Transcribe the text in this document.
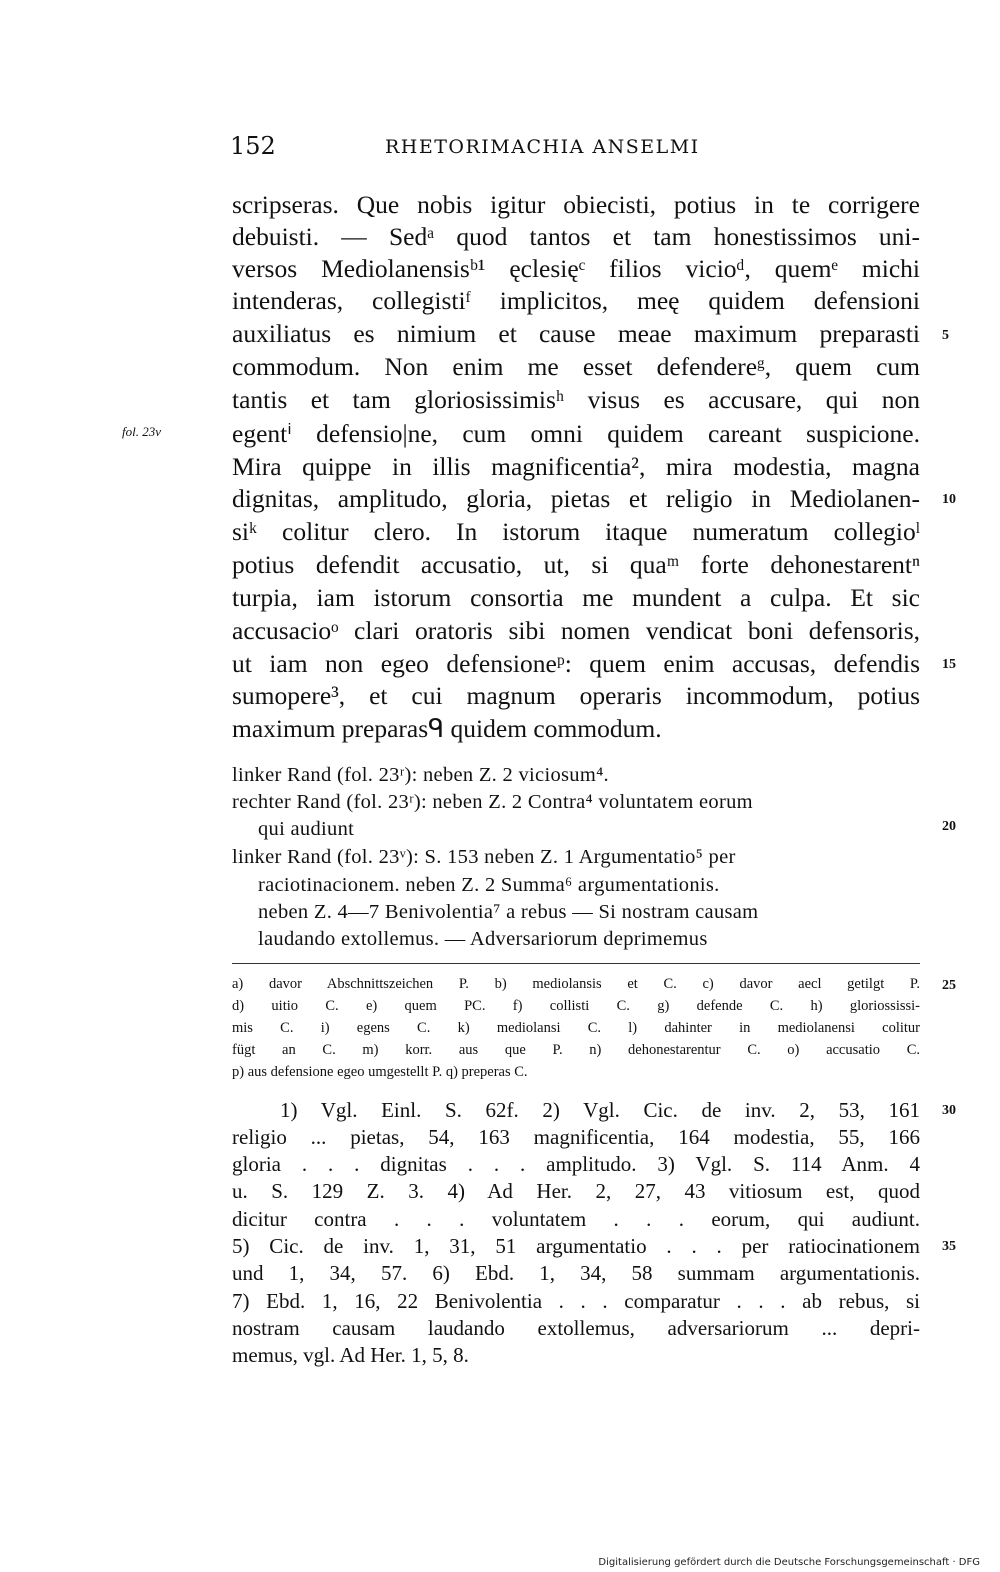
152	RHETORIMACHIA ANSELMI
scripseras. Que nobis igitur obiecisti, potius in te corrigere
debuisti. — Sedᵃ quod tantos et tam honestissimos uni-
versos Mediolanensisᵇ¹ ęclesięᶜ filios vicioᵈ, quemᵉ michi
intenderas, collegistiᶠ implicitos, meę quidem defensioni
auxiliatus es nimium et cause meae maximum preparasti
commodum. Non enim me esset defendereᵍ, quem cum
tantis et tam gloriosissimisʰ visus es accusare, qui non
egentⁱ defensio|ne, cum omni quidem careant suspicione.
Mira quippe in illis magnificentia², mira modestia, magna
dignitas, amplitudo, gloria, pietas et religio in Mediolanen-
siᵏ colitur clero. In istorum itaque numeratum collegioˡ
potius defendit accusatio, ut, si quaᵐ forte dehonestarentⁿ
turpia, iam istorum consortia me mundent a culpa. Et sic
accusacioᵒ clari oratoris sibi nomen vendicat boni defensoris,
ut iam non egeo defensioneᵖ: quem enim accusas, defendis
sumopere³, et cui magnum operaris incommodum, potius
maximum preparasᑫ quidem commodum.
fol. 23v
5
10
15
20
25
30
35
linker Rand (fol. 23ʳ): neben Z. 2 viciosum⁴.
rechter Rand (fol. 23ʳ): neben Z. 2 Contra⁴ voluntatem eorum
qui audiunt
linker Rand (fol. 23ᵛ): S. 153 neben Z. 1 Argumentatio⁵ per
raciotinacionem. neben Z. 2 Summa⁶ argumentationis.
neben Z. 4—7 Benivolentia⁷ a rebus — Si nostram causam
laudando extollemus. — Adversariorum deprimemus
a) davor Abschnittszeichen P. b) mediolansis et C. c) davor aecl getilgt P.
d) uitio C. e) quem PC. f) collisti C. g) defende C. h) gloriossissi-
mis C. i) egens C. k) mediolansi C. l) dahinter in mediolanensi colitur
fügt an C. m) korr. aus que P. n) dehonestarentur C. o) accusatio C.
p) aus defensione egeo umgestellt P. q) preperas C.
1) Vgl. Einl. S. 62f. 2) Vgl. Cic. de inv. 2, 53, 161
religio ... pietas, 54, 163 magnificentia, 164 modestia, 55, 166
gloria . . . dignitas . . . amplitudo. 3) Vgl. S. 114 Anm. 4
u. S. 129 Z. 3. 4) Ad Her. 2, 27, 43 vitiosum est, quod
dicitur contra . . . voluntatem . . . eorum, qui audiunt.
5) Cic. de inv. 1, 31, 51 argumentatio . . . per ratiocinationem
und 1, 34, 57. 6) Ebd. 1, 34, 58 summam argumentationis.
7) Ebd. 1, 16, 22 Benivolentia . . . comparatur . . . ab rebus, si
nostram causam laudando extollemus, adversariorum ... depri-
memus, vgl. Ad Her. 1, 5, 8.
Digitalisierung gefördert durch die Deutsche Forschungsgemeinschaft · DFG
